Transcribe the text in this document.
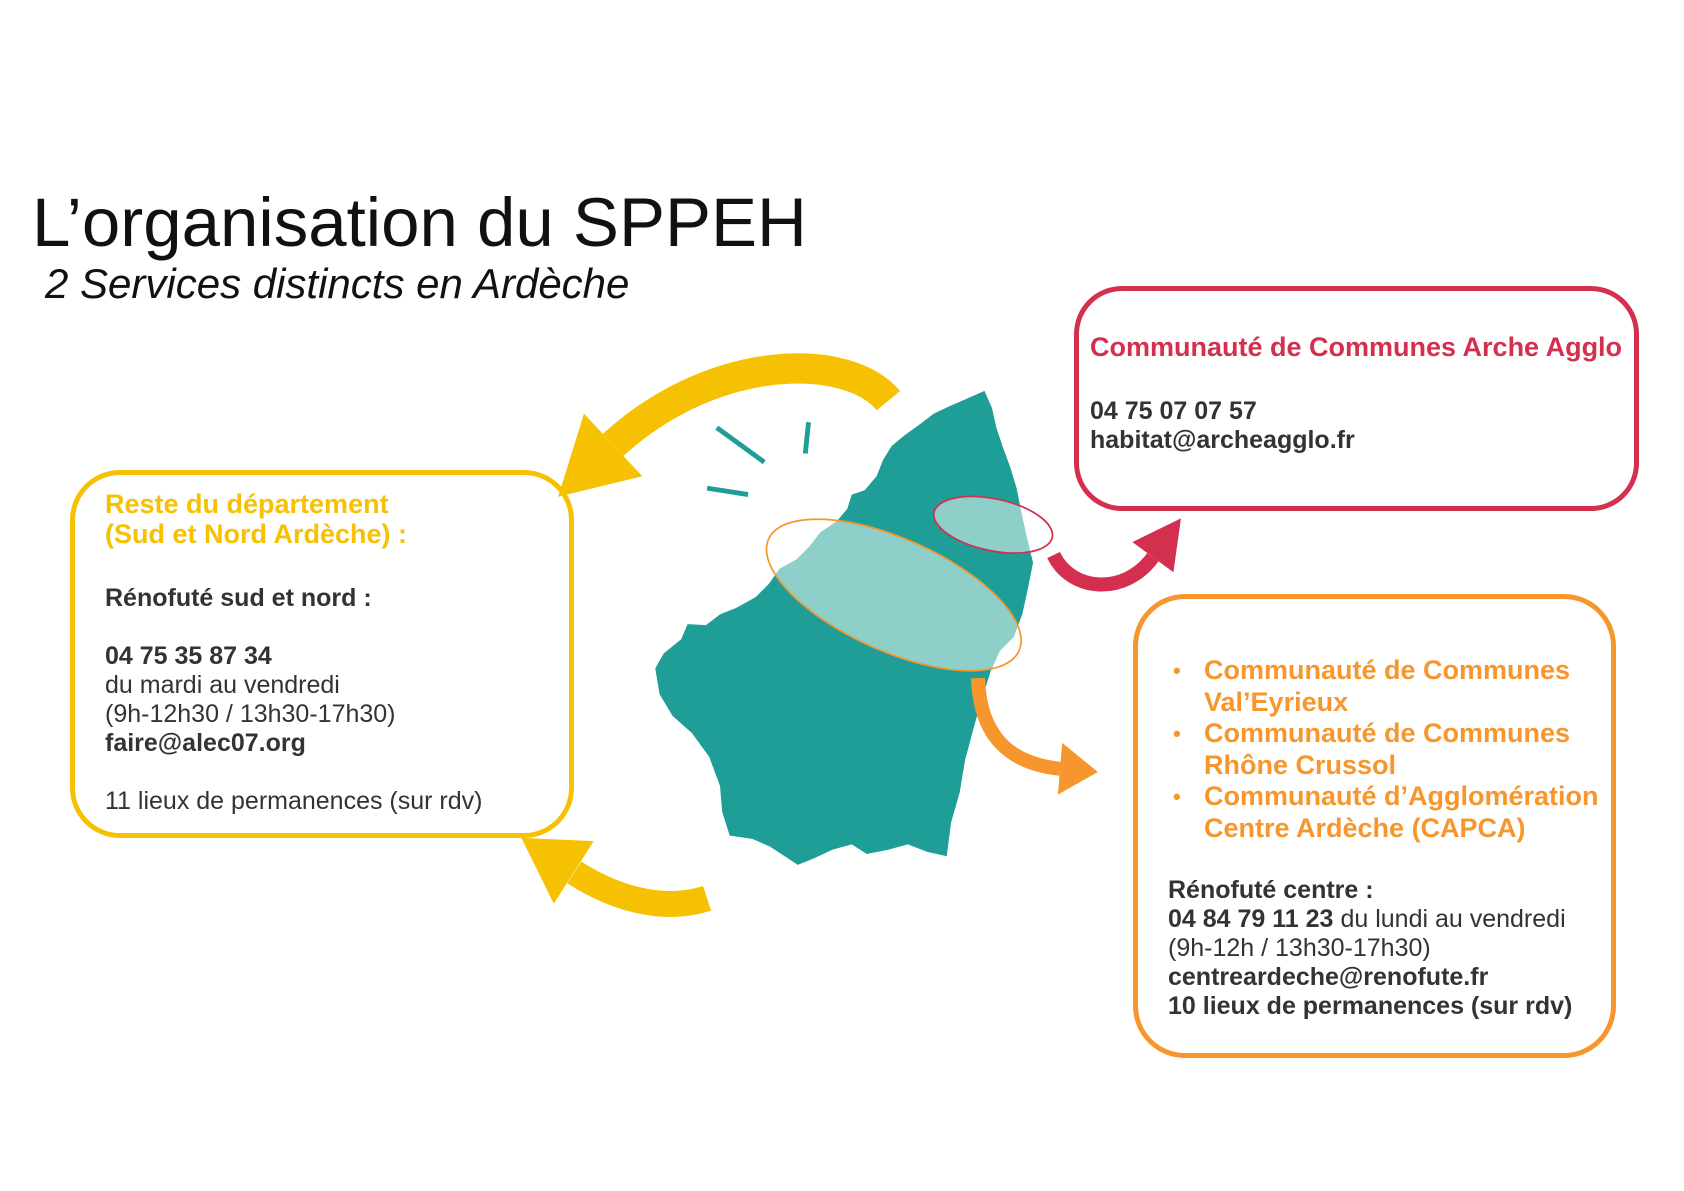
L’organisation du SPPEH
2 Services distincts en Ardèche
Reste du département
(Sud et Nord Ardèche) :
Rénofuté sud et nord :
04 75 35 87 34
du mardi au vendredi
(9h-12h30 / 13h30-17h30)
faire@alec07.org
11 lieux de permanences (sur rdv)
Communauté de Communes Arche Agglo
04 75 07 07 57
habitat@archeagglo.fr
• Communauté de Communes
Val’Eyrieux
• Communauté de Communes
Rhône Crussol
• Communauté d’Agglomération
Centre Ardèche (CAPCA)
Rénofuté centre :
04 84 79 11 23 du lundi au vendredi
(9h-12h / 13h30-17h30)
centreardeche@renofute.fr
10 lieux de permanences (sur rdv)
